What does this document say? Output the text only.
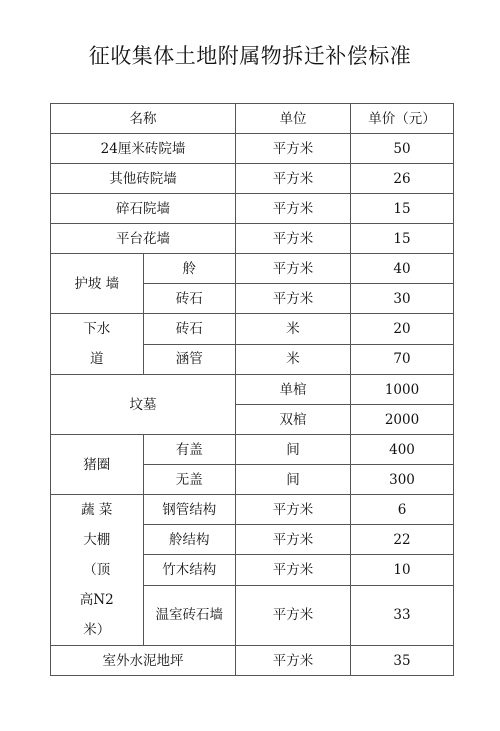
征收集体土地附属物拆迁补偿标准
名称		单位	单价（元）
24厘米砖院墙		平方米	50
其他砖院墙		平方米	26
碎石院墙		平方米	15
平台花墙		平方米	15
护坡 墙	舲	平方米	40
	砖石	平方米	30

下水
道	砖石	米	20
	涵管	米	70
坟墓		单棺	1000
		双棺	2000
猪圈	有盖	间	400
	无盖	间	300

蔬 菜
大棚
（顶
高N2
米）	钢管结构	平方米	6
	舲结构	平方米	22
	竹木结构	平方米	10
	温室砖石墙	平方米	33
室外水泥地坪		平方米	35
